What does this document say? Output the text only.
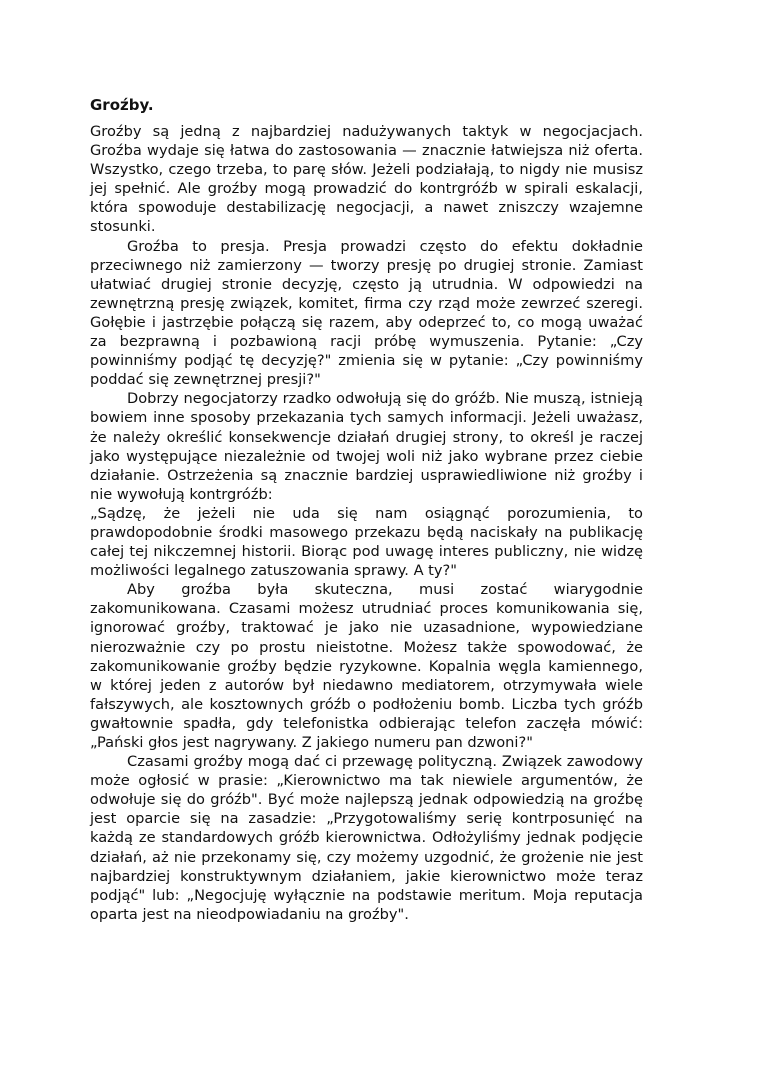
Groźby.

Groźby są jedną z najbardziej nadużywanych taktyk w negocjacjach. Groźba wydaje się łatwa do zastosowania — znacznie łatwiejsza niż oferta. Wszystko, czego trzeba, to parę słów. Jeżeli podziałają, to nigdy nie musisz jej spełnić. Ale groźby mogą prowadzić do kontrgróźb w spirali eskalacji, która spowoduje destabilizację negocjacji, a nawet zniszczy wzajemne stosunki.

Groźba to presja. Presja prowadzi często do efektu dokładnie przeciwnego niż zamierzony — tworzy presję po drugiej stronie. Zamiast ułatwiać drugiej stronie decyzję, często ją utrudnia. W odpowiedzi na zewnętrzną presję związek, komitet, firma czy rząd może zewrzeć szeregi. Gołębie i jastrzębie połączą się razem, aby odeprzeć to, co mogą uważać za bezprawną i pozbawioną racji próbę wymuszenia. Pytanie: „Czy powinniśmy podjąć tę decyzję?" zmienia się w pytanie: „Czy powinniśmy poddać się zewnętrznej presji?"

Dobrzy negocjatorzy rzadko odwołują się do gróźb. Nie muszą, istnieją bowiem inne sposoby przekazania tych samych informacji. Jeżeli uważasz, że należy określić konsekwencje działań drugiej strony, to określ je raczej jako występujące niezależnie od twojej woli niż jako wybrane przez ciebie działanie. Ostrzeżenia są znacznie bardziej usprawiedliwione niż groźby i nie wywołują kontrgróźb:

„Sądzę, że jeżeli nie uda się nam osiągnąć porozumienia, to prawdopodobnie środki masowego przekazu będą naciskały na publikację całej tej nikczemnej historii. Biorąc pod uwagę interes publiczny, nie widzę możliwości legalnego zatuszowania sprawy. A ty?"

Aby groźba była skuteczna, musi zostać wiarygodnie zakomunikowana. Czasami możesz utrudniać proces komunikowania się, ignorować groźby, traktować je jako nie uzasadnione, wypowiedziane nierozważnie czy po prostu nieistotne. Możesz także spowodować, że zakomunikowanie groźby będzie ryzykowne. Kopalnia węgla kamiennego, w której jeden z autorów był niedawno mediatorem, otrzymywała wiele fałszywych, ale kosztownych gróźb o podłożeniu bomb. Liczba tych gróźb gwałtownie spadła, gdy telefonistka odbierając telefon zaczęła mówić: „Pański głos jest nagrywany. Z jakiego numeru pan dzwoni?"

Czasami groźby mogą dać ci przewagę polityczną. Związek zawodowy może ogłosić w prasie: „Kierownictwo ma tak niewiele argumentów, że odwołuje się do gróźb". Być może najlepszą jednak odpowiedzią na groźbę jest oparcie się na zasadzie: „Przygotowaliśmy serię kontrposunięć na każdą ze standardowych gróźb kierownictwa. Odłożyliśmy jednak podjęcie działań, aż nie przekonamy się, czy możemy uzgodnić, że grożenie nie jest najbardziej konstruktywnym działaniem, jakie kierownictwo może teraz podjąć" lub: „Negocjuję wyłącznie na podstawie meritum. Moja reputacja oparta jest na nieodpowiadaniu na groźby".
